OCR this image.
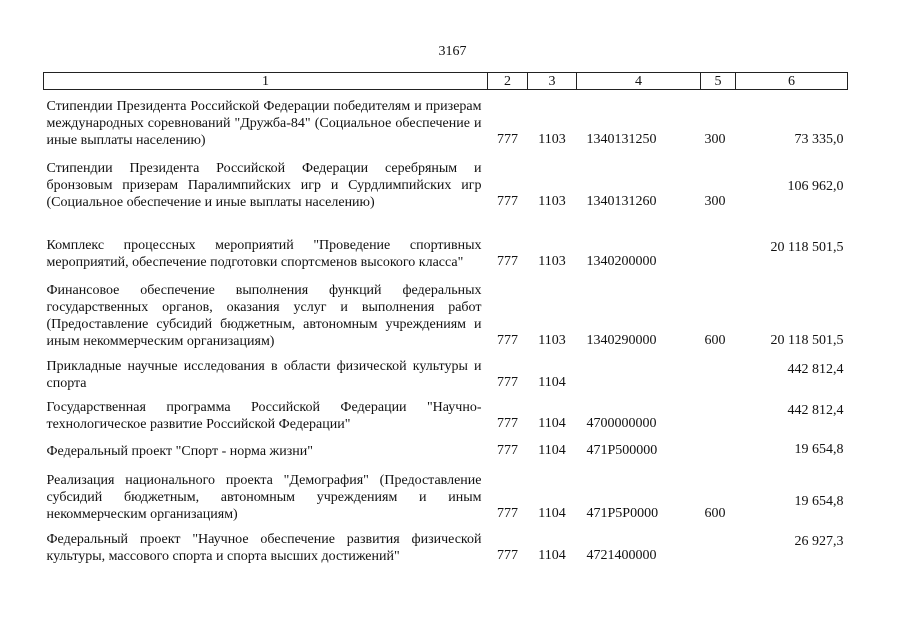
3167
1	2	3	4	5	6

Стипендии Президента Российской Федерации победителям и призерам международных соревнований "Дружба-84" (Социальное обеспечение и иные выплаты населению)	777	1103	1340131250	300	73 335,0

Стипендии Президента Российской Федерации серебряным и бронзовым призерам Паралимпийских игр и Сурдлимпийских игр (Социальное обеспечение и иные выплаты населению)	777	1103	1340131260	300	106 962,0

Комплекс процессных мероприятий "Проведение спортивных мероприятий, обеспечение подготовки спортсменов высокого класса"	777	1103	1340200000		20 118 501,5

Финансовое обеспечение выполнения функций федеральных государственных органов, оказания услуг и выполнения работ (Предоставление субсидий бюджетным, автономным учреждениям и иным некоммерческим организациям)	777	1103	1340290000	600	20 118 501,5

Прикладные научные исследования в области физической культуры и спорта	777	1104			442 812,4

Государственная программа Российской Федерации "Научно-технологическое развитие Российской Федерации"	777	1104	4700000000		442 812,4

Федеральный проект "Спорт - норма жизни"	777	1104	471P500000		19 654,8

Реализация национального проекта "Демография" (Предоставление субсидий бюджетным, автономным учреждениям и иным некоммерческим организациям)	777	1104	471P5P0000	600	19 654,8

Федеральный проект "Научное обеспечение развития физической культуры, массового спорта и спорта высших достижений"	777	1104	4721400000		26 927,3
